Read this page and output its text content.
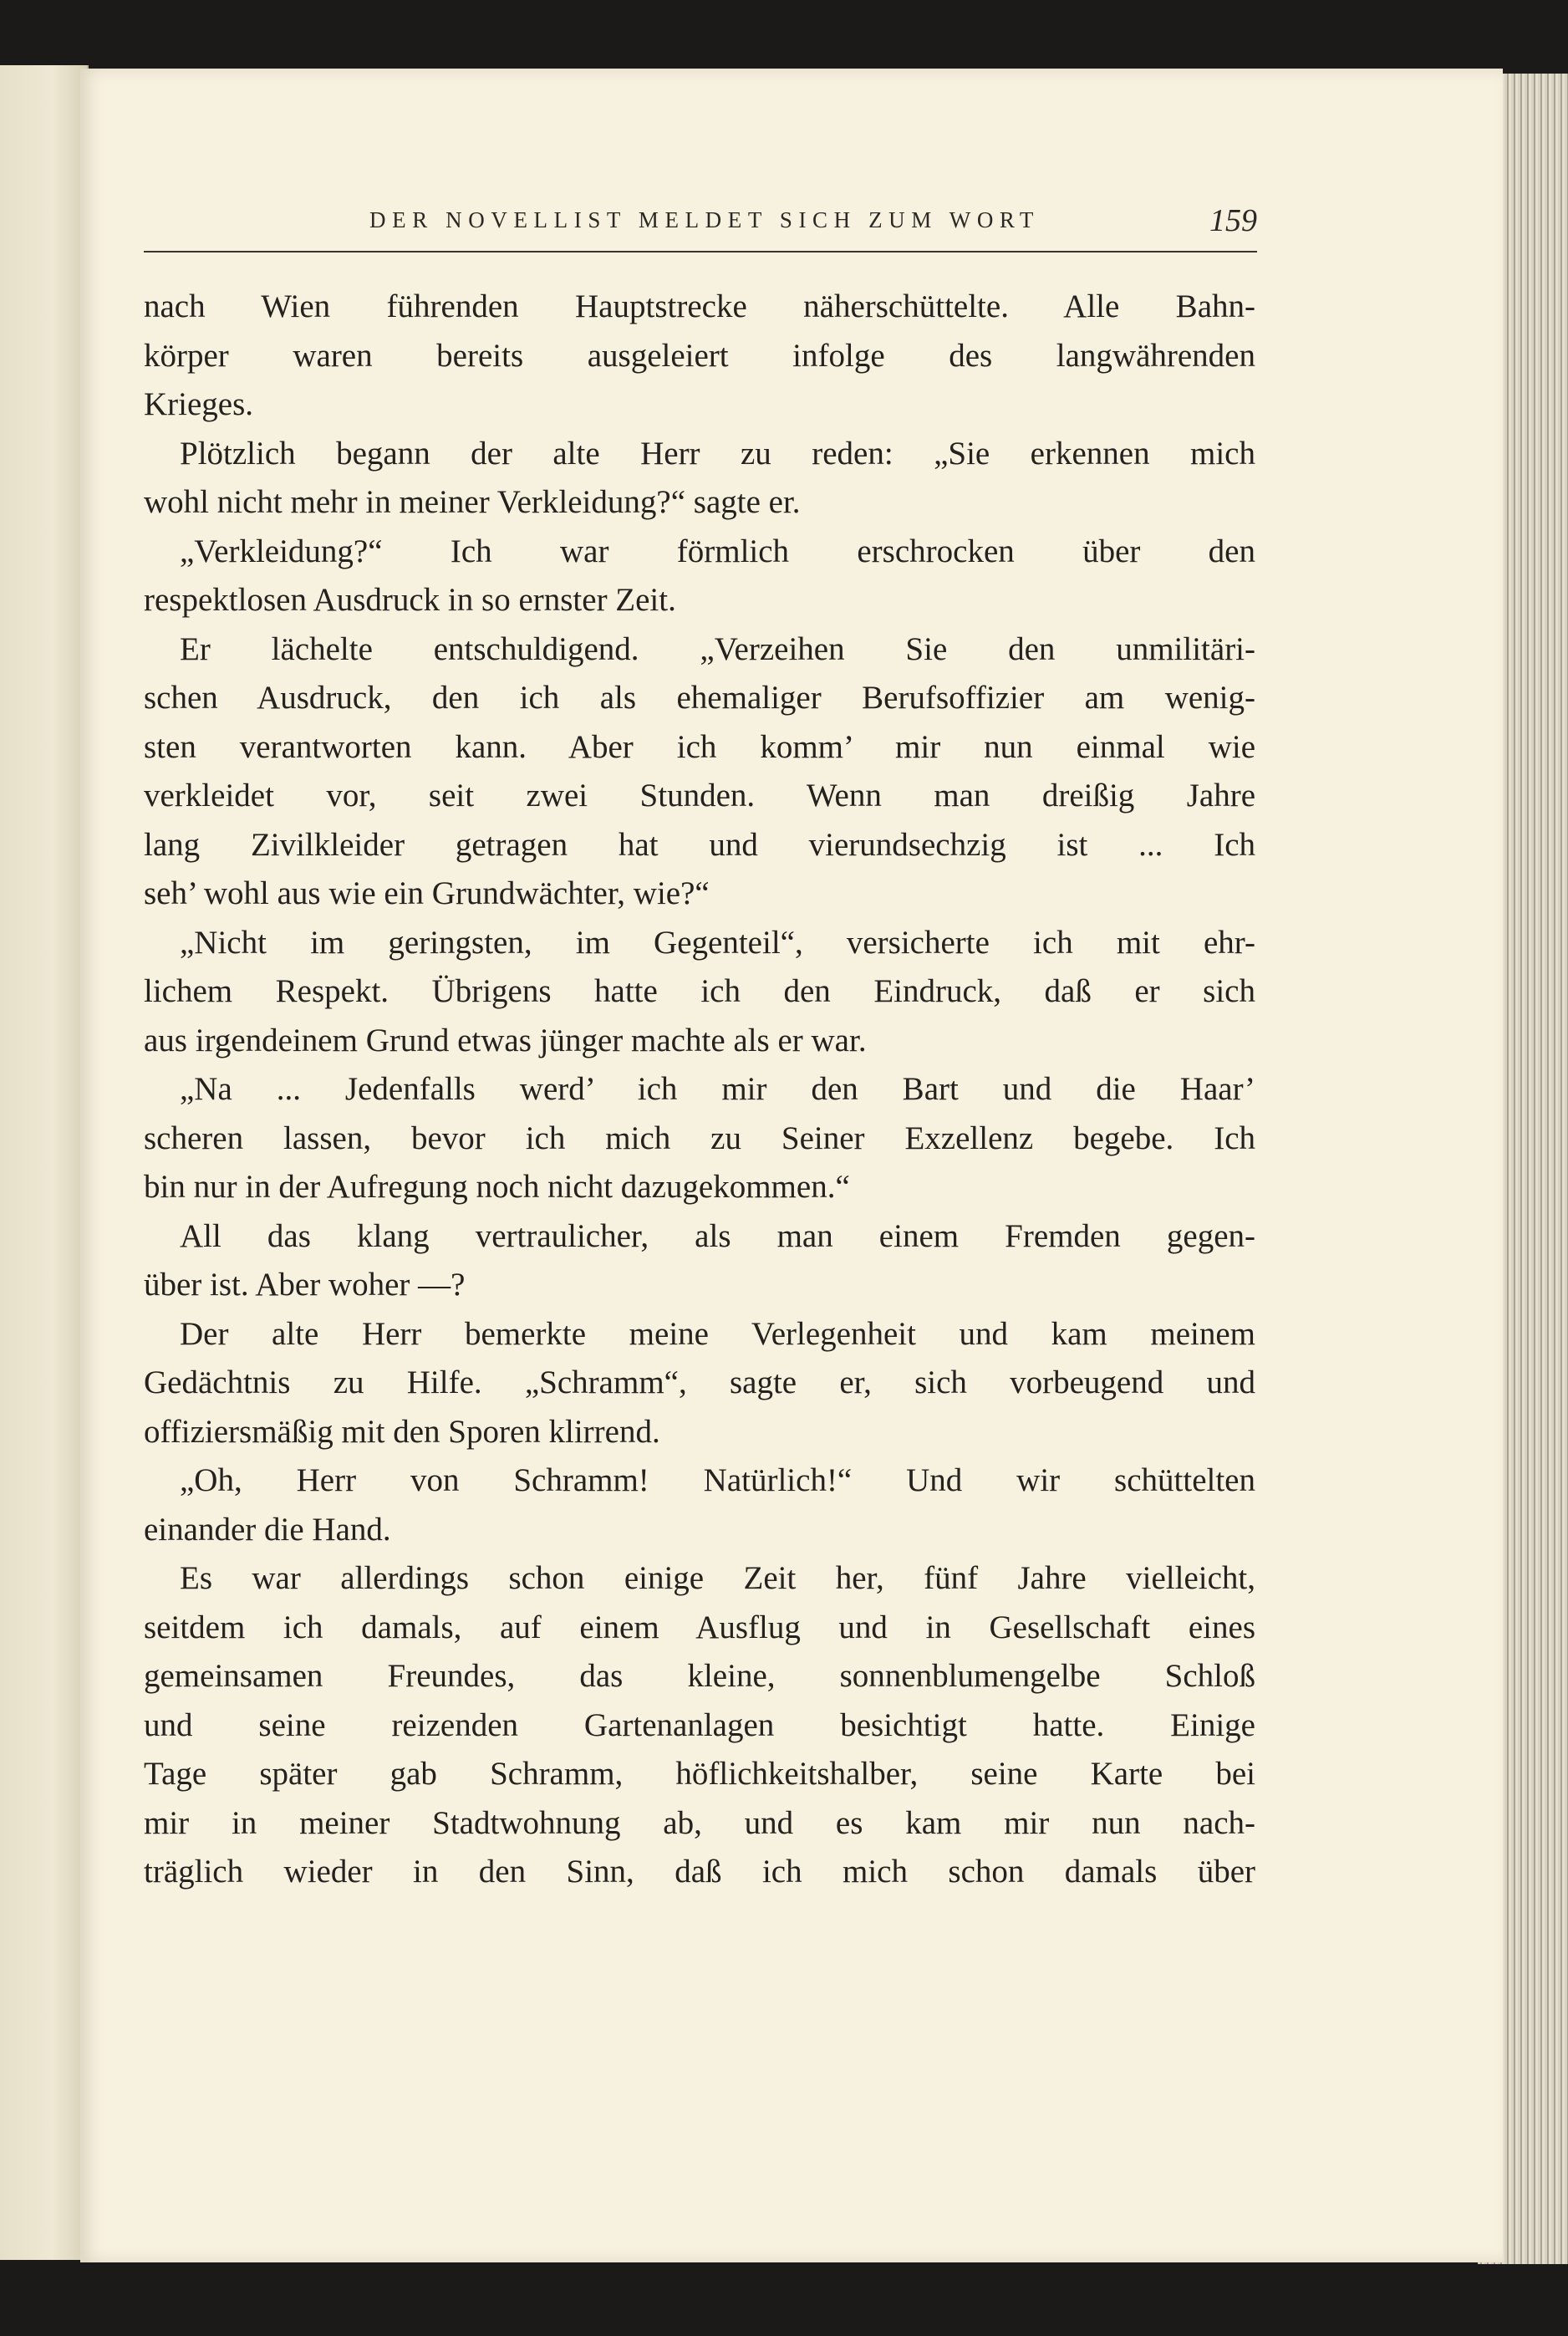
DER NOVELLIST MELDET SICH ZUM WORT	159
nach Wien führenden Hauptstrecke näherschüttelte. Alle Bahn-
körper waren bereits ausgeleiert infolge des langwährenden
Krieges.
Plötzlich begann der alte Herr zu reden: „Sie erkennen mich
wohl nicht mehr in meiner Verkleidung?“ sagte er.
„Verkleidung?“ Ich war förmlich erschrocken über den
respektlosen Ausdruck in so ernster Zeit.
Er lächelte entschuldigend. „Verzeihen Sie den unmilitäri-
schen Ausdruck, den ich als ehemaliger Berufsoffizier am wenig-
sten verantworten kann. Aber ich komm’ mir nun einmal wie
verkleidet vor, seit zwei Stunden. Wenn man dreißig Jahre
lang Zivilkleider getragen hat und vierundsechzig ist ... Ich
seh’ wohl aus wie ein Grundwächter, wie?“
„Nicht im geringsten, im Gegenteil“, versicherte ich mit ehr-
lichem Respekt. Übrigens hatte ich den Eindruck, daß er sich
aus irgendeinem Grund etwas jünger machte als er war.
„Na ... Jedenfalls werd’ ich mir den Bart und die Haar’
scheren lassen, bevor ich mich zu Seiner Exzellenz begebe. Ich
bin nur in der Aufregung noch nicht dazugekommen.“
All das klang vertraulicher, als man einem Fremden gegen-
über ist. Aber woher —?
Der alte Herr bemerkte meine Verlegenheit und kam meinem
Gedächtnis zu Hilfe. „Schramm“, sagte er, sich vorbeugend und
offiziersmäßig mit den Sporen klirrend.
„Oh, Herr von Schramm! Natürlich!“ Und wir schüttelten
einander die Hand.
Es war allerdings schon einige Zeit her, fünf Jahre vielleicht,
seitdem ich damals, auf einem Ausflug und in Gesellschaft eines
gemeinsamen Freundes, das kleine, sonnenblumengelbe Schloß
und seine reizenden Gartenanlagen besichtigt hatte. Einige
Tage später gab Schramm, höflichkeitshalber, seine Karte bei
mir in meiner Stadtwohnung ab, und es kam mir nun nach-
träglich wieder in den Sinn, daß ich mich schon damals über
